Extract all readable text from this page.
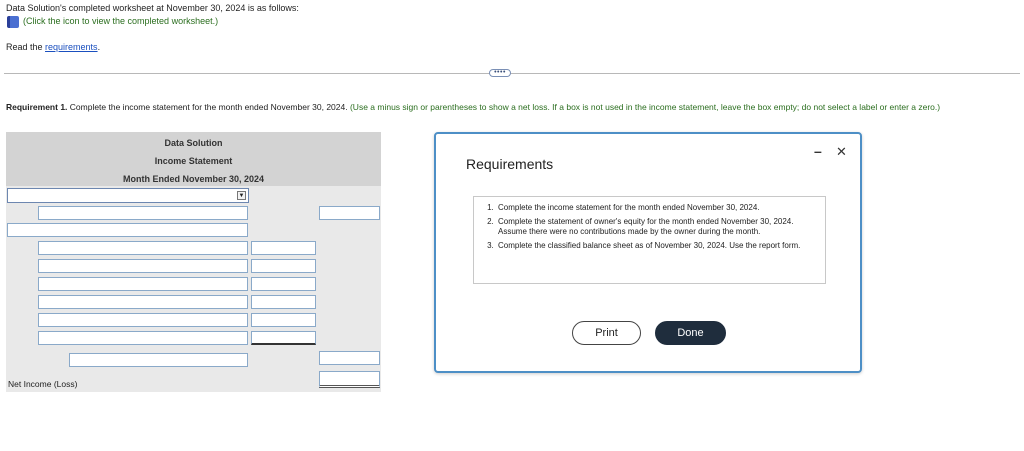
Data Solution's completed worksheet at November 30, 2024 is as follows:
(Click the icon to view the completed worksheet.)
Read the requirements.
••••
Requirement 1. Complete the income statement for the month ended November 30, 2024. (Use a minus sign or parentheses to show a net loss. If a box is not used in the income statement, leave the box empty; do not select a label or enter a zero.)
Data Solution
Income Statement
Month Ended November 30, 2024
▼
Net Income (Loss)
Requirements
– ✕
1. Complete the income statement for the month ended November 30, 2024.
2. Complete the statement of owner's equity for the month ended November 30, 2024. Assume there were no contributions made by the owner during the month.
3. Complete the classified balance sheet as of November 30, 2024. Use the report form.
Print	Done
